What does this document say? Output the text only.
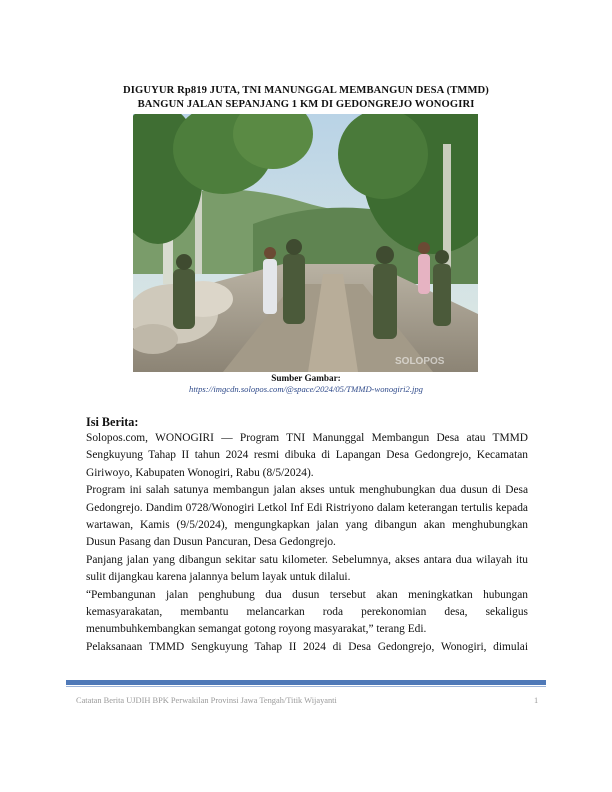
DIGUYUR Rp819 JUTA, TNI MANUNGGAL MEMBANGUN DESA (TMMD)
BANGUN JALAN SEPANJANG 1 KM DI GEDONGREJO WONOGIRI
SOLOPOS
Sumber Gambar:
https://imgcdn.solopos.com/@space/2024/05/TMMD-wonogiri2.jpg
Isi Berita:

Solopos.com, WONOGIRI — Program TNI Manunggal Membangun Desa atau TMMD Sengkuyung Tahap II tahun 2024 resmi dibuka di Lapangan Desa Gedongrejo, Kecamatan Giriwoyo, Kabupaten Wonogiri, Rabu (8/5/2024).

Program ini salah satunya membangun jalan akses untuk menghubungkan dua dusun di Desa Gedongrejo. Dandim 0728/Wonogiri Letkol Inf Edi Ristriyono dalam keterangan tertulis kepada wartawan, Kamis (9/5/2024), mengungkapkan jalan yang dibangun akan menghubungkan Dusun Pasang dan Dusun Pancuran, Desa Gedongrejo.

Panjang jalan yang dibangun sekitar satu kilometer. Sebelumnya, akses antara dua wilayah itu sulit dijangkau karena jalannya belum layak untuk dilalui.

“Pembangunan jalan penghubung dua dusun tersebut akan meningkatkan hubungan kemasyarakatan, membantu melancarkan roda perekonomian desa, sekaligus menumbuhkembangkan semangat gotong royong masyarakat,” terang Edi.

Pelaksanaan TMMD Sengkuyung Tahap II 2024 di Desa Gedongrejo, Wonogiri, dimulai

Catatan Berita UJDIH BPK Perwakilan Provinsi Jawa Tengah/Titik Wijayanti	1
